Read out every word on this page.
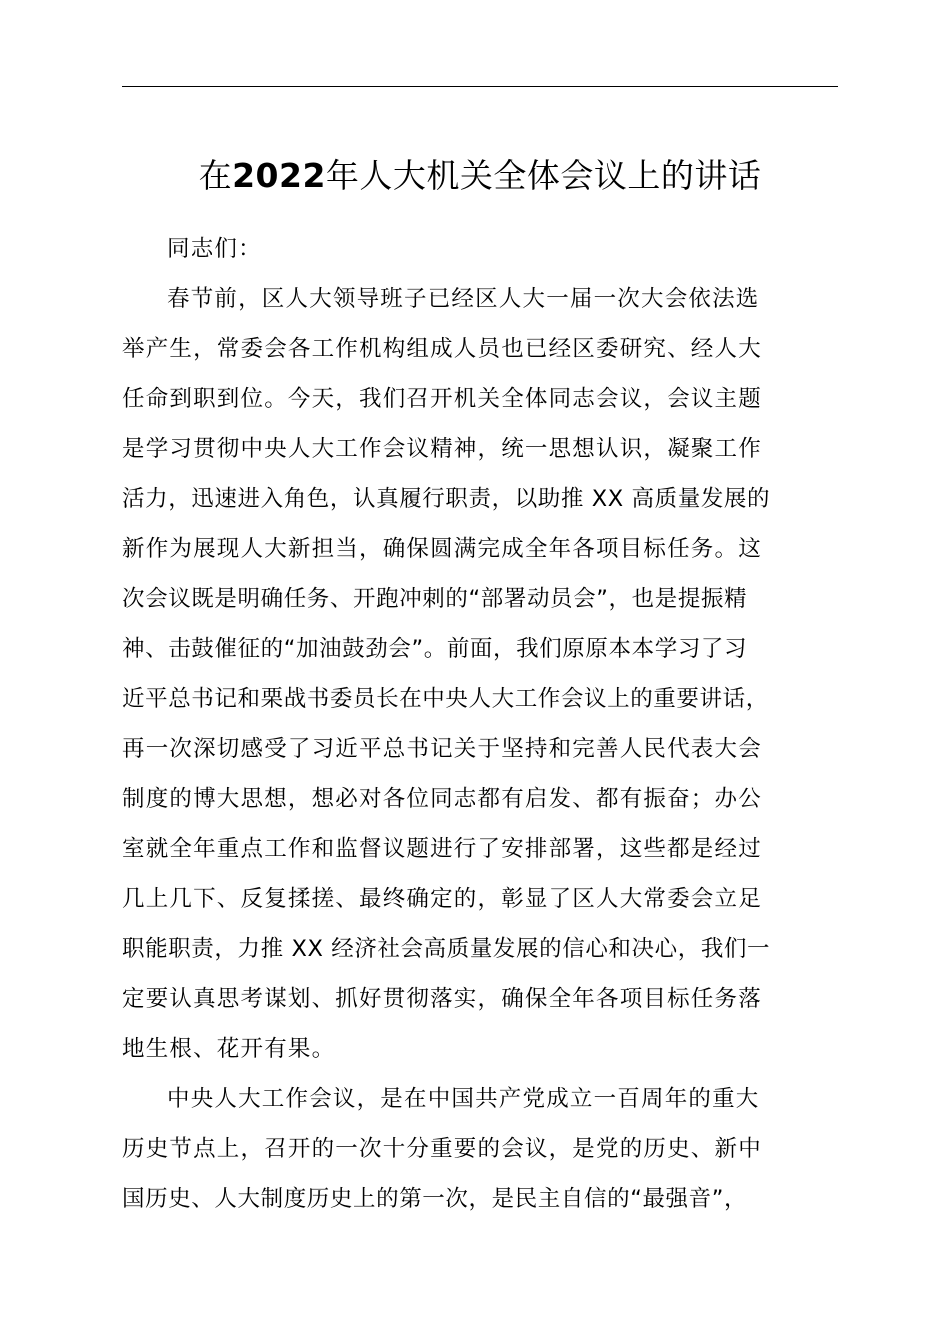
在2022年人大机关全体会议上的讲话

同志们：

春节前，区人大领导班子已经区人大一届一次大会依法选
举产生，常委会各工作机构组成人员也已经区委研究、经人大
任命到职到位。今天，我们召开机关全体同志会议，会议主题
是学习贯彻中央人大工作会议精神，统一思想认识，凝聚工作
活力，迅速进入角色，认真履行职责，以助推 XX 高质量发展的
新作为展现人大新担当，确保圆满完成全年各项目标任务。这
次会议既是明确任务、开跑冲刺的“部署动员会”，也是提振精
神、击鼓催征的“加油鼓劲会”。前面，我们原原本本学习了习
近平总书记和栗战书委员长在中央人大工作会议上的重要讲话，
再一次深切感受了习近平总书记关于坚持和完善人民代表大会
制度的博大思想，想必对各位同志都有启发、都有振奋；办公
室就全年重点工作和监督议题进行了安排部署，这些都是经过
几上几下、反复揉搓、最终确定的，彰显了区人大常委会立足
职能职责，力推 XX 经济社会高质量发展的信心和决心，我们一
定要认真思考谋划、抓好贯彻落实，确保全年各项目标任务落
地生根、花开有果。

中央人大工作会议，是在中国共产党成立一百周年的重大
历史节点上，召开的一次十分重要的会议，是党的历史、新中
国历史、人大制度历史上的第一次，是民主自信的“最强音”，
